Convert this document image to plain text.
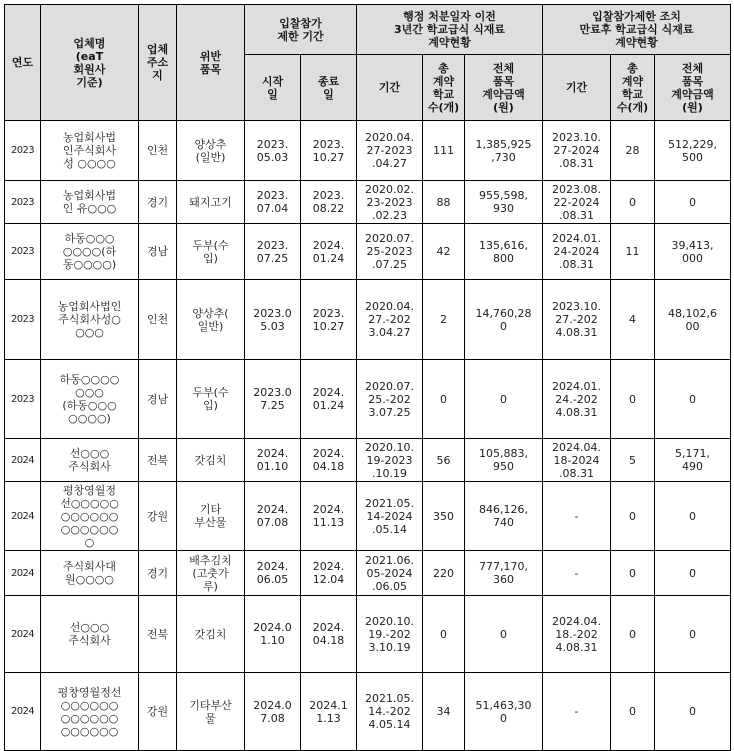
연도	업체명
(eaT
회원사
기준)	업체
주소
지	위반
품목	입찰참가
제한 기간		행정 처분일자 이전
3년간 학교급식 식재료
계약현황			입찰참가제한 조치
만료후 학교급식 식재료
계약현황		
				시작
일	종료
일	기간	총
계약
학교
수(개)	전체
품목
계약금액
(원)	기간	총
계약
학교
수(개)	전체
품목
계약금액
(원)
2023	농업회사법
인주식회사
성 ○○○○	인천	양상추
(일반)	2023.
05.03	2023.
10.27	2020.04.
27-2023
.04.27	111	1,385,925
,730	2023.10.
27-2024
.08.31	28	512,229,
500
2023	농업회사법
인 유○○○	경기	돼지고기	2023.
07.04	2023.
08.22	2020.02.
23-2023
.02.23	88	955,598,
930	2023.08.
22-2024
.08.31	0	0
2023	하동○○○
○○○○(하
동○○○○)	경남	두부(수
입)	2023.
07.25	2024.
01.24	2020.07.
25-2023
.07.25	42	135,616,
800	2024.01.
24-2024
.08.31	11	39,413,
000
2023	농업회사법인
주식회사성○
○○○	인천	양상추(
일반)	2023.0
5.03	2023.
10.27	2020.04.
27.-202
3.04.27	2	14,760,28
0	2023.10.
27.-202
4.08.31	4	48,102,6
00
2023	하동○○○○
○○○
(하동○○○
○○○○)	경남	두부(수
입)	2023.0
7.25	2024.
01.24	2020.07.
25.-202
3.07.25	0	0	2024.01.
24.-202
4.08.31	0	0
2024	선○○○
주식회사	전북	갓김치	2024.
01.10	2024.
04.18	2020.10.
19-2023
.10.19	56	105,883,
950	2024.04.
18-2024
.08.31	5	5,171,
490
2024	평창영월정
선○○○○○
○○○○○○
○○○○○○
○	강원	기타
부산물	2024.
07.08	2024.
11.13	2021.05.
14-2024
.05.14	350	846,126,
740	-	0	0
2024	주식회사대
원○○○○	경기	배추김치
(고춧가
루)	2024.
06.05	2024.
12.04	2021.06.
05-2024
.06.05	220	777,170,
360	-	0	0
2024	선○○○
주식회사	전북	갓김치	2024.0
1.10	2024.
04.18	2020.10.
19.-202
3.10.19	0	0	2024.04.
18.-202
4.08.31	0	0
2024	평창영월정선
○○○○○○
○○○○○○
○○○○○○	강원	기타부산
물	2024.0
7.08	2024.1
1.13	2021.05.
14.-202
4.05.14	34	51,463,30
0	-	0	0
